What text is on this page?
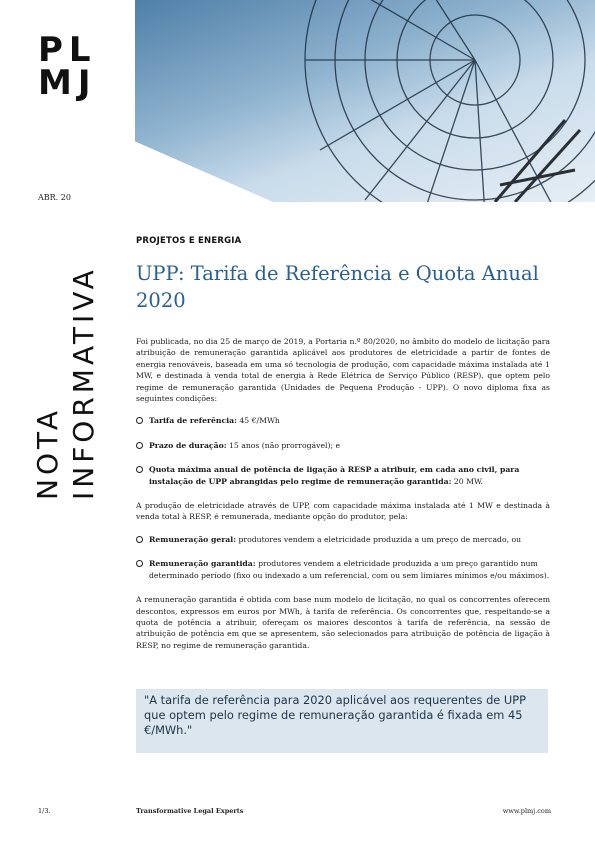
PL
MJ
ABR. 20
NOTA INFORMATIVA
PROJETOS E ENERGIA
UPP: Tarifa de Referência e Quota Anual 2020

Foi publicada, no dia 25 de março de 2019, a Portaria n.º 80/2020, no âmbito do modelo de licitação para atribuição de remuneração garantida aplicável aos produtores de eletricidade a partir de fontes de energia renováveis, baseada em uma só tecnologia de produção, com capacidade máxima instalada até 1 MW, e destinada à venda total de energia à Rede Elétrica de Serviço Público (RESP), que optem pelo regime de remuneração garantida (Unidades de Pequena Produção - UPP). O novo diploma fixa as seguintes condições:

Tarifa de referência: 45 €/MWh
Prazo de duração: 15 anos (não prorrogável); e
Quota máxima anual de potência de ligação à RESP a atribuir, em cada ano civil, para instalação de UPP abrangidas pelo regime de remuneração garantida: 20 MW.

A produção de eletricidade através de UPP, com capacidade máxima instalada até 1 MW e destinada à venda total à RESP, é remunerada, mediante opção do produtor, pela:

Remuneração geral: produtores vendem a eletricidade produzida a um preço de mercado, ou
Remuneração garantida: produtores vendem a eletricidade produzida a um preço garantido num determinado período (fixo ou indexado a um referencial, com ou sem limiares mínimos e/ou máximos).

A remuneração garantida é obtida com base num modelo de licitação, no qual os concorrentes oferecem descontos, expressos em euros por MWh, à tarifa de referência. Os concorrentes que, respeitando-se a quota de potência a atribuir, ofereçam os maiores descontos à tarifa de referência, na sessão de atribuição de potência em que se apresentem, são selecionados para atribuição de potência de ligação à RESP, no regime de remuneração garantida.

"A tarifa de referência para 2020 aplicável aos requerentes de UPP que optem pelo regime de remuneração garantida é fixada em 45 €/MWh."
1/3.	Transformative Legal Experts	www.plmj.com
